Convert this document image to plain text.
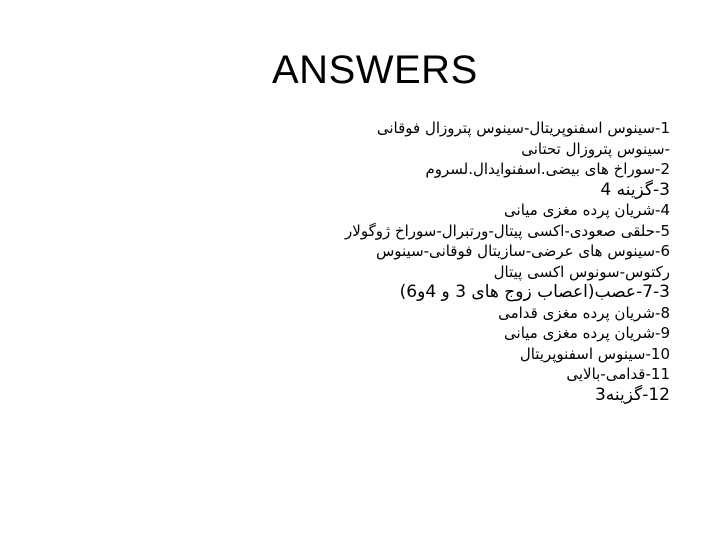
ANSWERS
1-سینوس اسفنوپریتال-سینوس پتروزال فوقانی -سینوس پتروزال تحتانی
2-سوراخ های بیضی.اسفنوایدال.لسروم
3-گزینه 4
4-شریان پرده مغزی میانی
5-حلقی صعودی-اکسی پیتال-ورتبرال-سوراخ ژوگولار
6-سینوس های عرضی-سازیتال فوقانی-سینوس رکتوس-سونوس اکسی پیتال
7-3-عصب(اعصاب زوج های 3 و 4و6)
8-شریان پرده مغزی قدامی
9-شریان پرده مغزی میانی
10-سینوس اسفنوپریتال
11-قدامی-بالایی
12-گزینه3
